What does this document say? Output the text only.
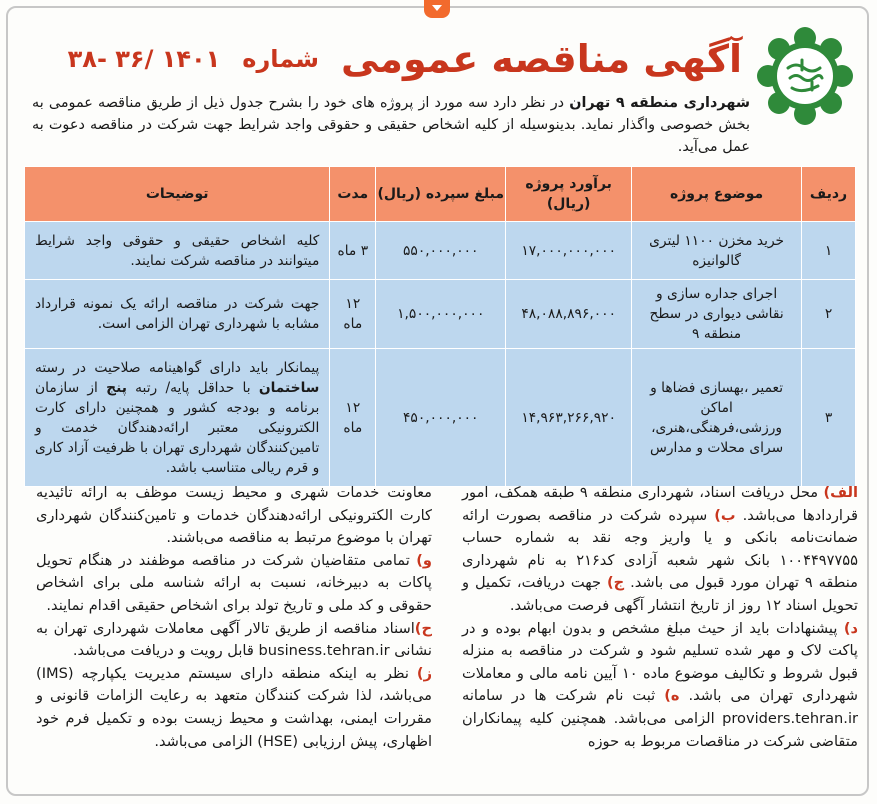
آگهی مناقصه عمومی
شماره
۳۸- ۳۶/ ۱۴۰۱
شهرداری منطقه ۹ تهران در نظر دارد سه مورد از پروژه های خود را بشرح جدول ذیل از طریق مناقصه عمومی به بخش خصوصی واگذار نماید. بدینوسیله از کلیه اشخاص حقیقی و حقوقی واجد شرایط جهت شرکت در مناقصه دعوت به عمل می‌آید.
ردیف	موضوع پروژه	برآورد پروژه (ریال)	مبلغ سپرده (ریال)	مدت	توضیحات
۱	خرید مخزن ۱۱۰۰ لیتری گالوانیزه	۱۷,۰۰۰,۰۰۰,۰۰۰	۵۵۰,۰۰۰,۰۰۰	۳ ماه	کلیه اشخاص حقیقی و حقوقی واجد شرایط میتوانند در مناقصه شرکت نمایند.
۲	اجرای جداره سازی و نقاشی دیواری در سطح منطقه ۹	۴۸,۰۸۸,۸۹۶,۰۰۰	۱,۵۰۰,۰۰۰,۰۰۰	۱۲ ماه	جهت شرکت در مناقصه ارائه یک نمونه قرارداد مشابه با شهرداری تهران الزامی است.
۳	تعمیر ،بهسازی فضاها و اماکن ورزشی،فرهنگی،هنری، سرای محلات و مدارس	۱۴,۹۶۳,۲۶۶,۹۲۰	۴۵۰,۰۰۰,۰۰۰	۱۲ ماه	پیمانکار باید دارای گواهینامه صلاحیت در رسته ساختمان با حداقل پایه/ رتبه پنج از سازمان برنامه و بودجه کشور و همچنین دارای کارت الکترونیکی معتبر ارائه‌دهندگان خدمت و تامین‌کنندگان شهرداری تهران با ظرفیت آزاد کاری و قرم ریالی متناسب باشد.

الف) محل دریافت اسناد، شهرداری منطقه ۹ طبقه همکف، امور قراردادها می‌باشد. ب) سپرده شرکت در مناقصه بصورت ارائه ضمانت‌نامه بانکی و یا واریز وجه نقد به شماره حساب ۱۰۰۴۴۹۷۷۵۵ بانک شهر شعبه آزادی کد۲۱۶ به نام شهرداری منطقه ۹ تهران مورد قبول می باشد. ج) جهت دریافت، تکمیل و تحویل اسناد ۱۲ روز از تاریخ انتشار آگهی فرصت می‌باشد.

د) پیشنهادات باید از حیث مبلغ مشخص و بدون ابهام بوده و در پاکت لاک و مهر شده تسلیم شود و شرکت در مناقصه به منزله قبول شروط و تکالیف موضوع ماده ۱۰ آیین نامه مالی و معاملات شهرداری تهران می باشد. ه) ثبت نام شرکت ها در سامانه providers.tehran.ir الزامی می‌باشد. همچنین کلیه پیمانکاران متقاضی شرکت در مناقصات مربوط به حوزه

معاونت خدمات شهری و محیط زیست موظف به ارائه تائیدیه کارت الکترونیکی ارائه‌دهندگان خدمات و تامین‌کنندگان شهرداری تهران با موضوع مرتبط به مناقصه می‌باشند.

و) تمامی متقاضیان شرکت در مناقصه موظفند در هنگام تحویل پاکات به دبیرخانه، نسبت به ارائه شناسه ملی برای اشخاص حقوقی و کد ملی و تاریخ تولد برای اشخاص حقیقی اقدام نمایند.

ح)اسناد مناقصه از طریق تالار آگهی معاملات شهرداری تهران به نشانی business.tehran.ir قابل رویت و دریافت می‌باشد.

ز) نظر به اینکه منطقه دارای سیستم مدیریت یکپارچه (IMS) می‌باشد، لذا شرکت کنندگان متعهد به رعایت الزامات قانونی و مقررات ایمنی، بهداشت و محیط زیست بوده و تکمیل فرم خود اظهاری، پیش ارزیابی (HSE) الزامی می‌باشد.
